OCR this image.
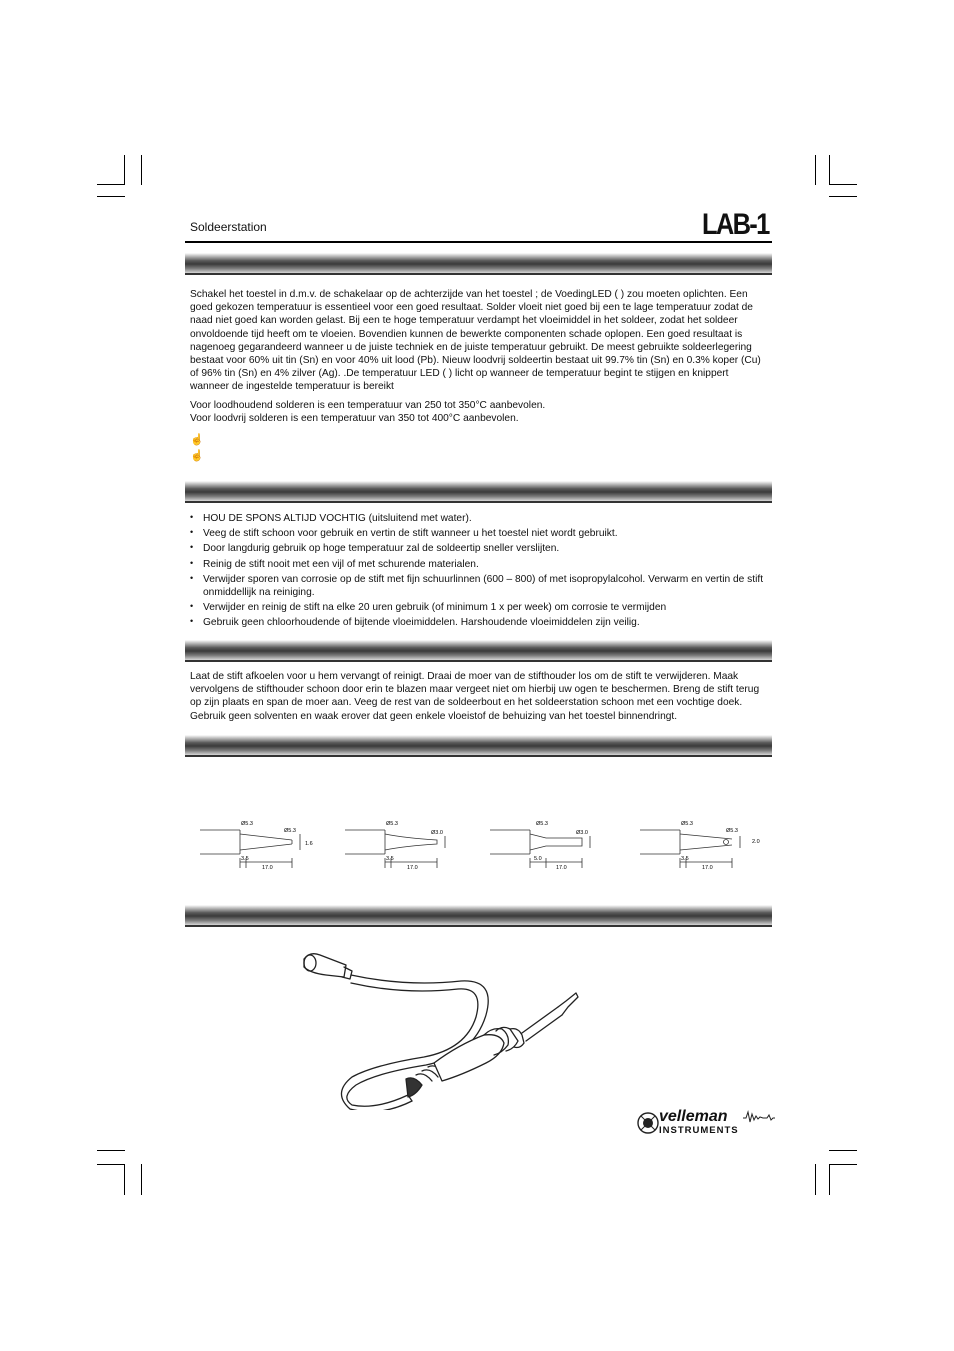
Soldeerstation	LAB-1

Schakel het toestel in d.m.v. de schakelaar op de achterzijde van het toestel ; de VoedingLED ( ) zou moeten oplichten. Een goed gekozen temperatuur is essentieel voor een goed resultaat. Solder vloeit niet goed bij een te lage temperatuur zodat de naad niet goed kan worden gelast. Bij een te hoge temperatuur verdampt het vloeimiddel in het soldeer, zodat het soldeer onvoldoende tijd heeft om te vloeien. Bovendien kunnen de bewerkte componenten schade oplopen. Een goed resultaat is nagenoeg gegarandeerd wanneer u de juiste techniek en de juiste temperatuur gebruikt. De meest gebruikte soldeerlegering bestaat voor 60% uit tin (Sn) en voor 40% uit lood (Pb). Nieuw loodvrij soldeertin bestaat uit 99.7% tin (Sn) en 0.3% koper (Cu) of 96% tin (Sn) en 4% zilver (Ag). .De temperatuur LED ( ) licht op wanneer de temperatuur begint te stijgen en knippert wanneer de ingestelde temperatuur is bereikt

Voor loodhoudend solderen is een temperatuur van 250 tot 350°C aanbevolen.

Voor loodvrij solderen is een temperatuur van 350 tot 400°C aanbevolen.

☝
☝
• HOU DE SPONS ALTIJD VOCHTIG (uitsluitend met water).
• Veeg de stift schoon voor gebruik en vertin de stift wanneer u het toestel niet wordt gebruikt.
• Door langdurig gebruik op hoge temperatuur zal de soldeertip sneller verslijten.
• Reinig de stift nooit met een vijl of met schurende materialen.
• Verwijder sporen van corrosie op de stift met fijn schuurlinnen (600 – 800) of met isopropylalcohol. Verwarm en vertin de stift onmiddellijk na reiniging.
• Verwijder en reinig de stift na elke 20 uren gebruik (of minimum 1 x per week) om corrosie te vermijden
• Gebruik geen chloorhoudende of bijtende vloeimiddelen. Harshoudende vloeimiddelen zijn veilig.

Laat de stift afkoelen voor u hem vervangt of reinigt. Draai de moer van de stifthouder los om de stift te verwijderen. Maak vervolgens de stifthouder schoon door erin te blazen maar vergeet niet om hierbij uw ogen te beschermen. Breng de stift terug op zijn plaats en span de moer aan. Veeg de rest van de soldeerbout en het soldeerstation schoon met een vochtige doek. Gebruik geen solventen en waak erover dat geen enkele vloeistof de behuizing van het toestel binnendringt.

Ø5.3
Ø5.3
1.6
3.5
17.0
Ø5.3
Ø3.0
3.5
17.0
Ø5.3
Ø3.0
5.0
17.0
Ø5.3
Ø5.3
2.0
3.5
17.0
velleman
INSTRUMENTS
